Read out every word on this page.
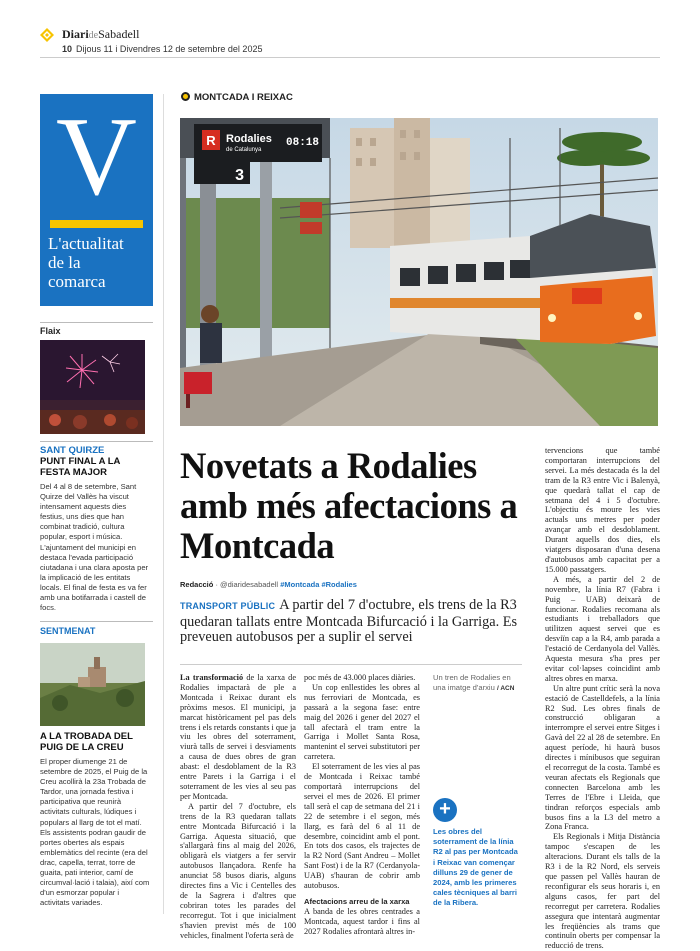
DiarideSabadell
10 Dijous 11 i Divendres 12 de setembre del 2025
V
L'actualitat
de la
comarca
Flaix
SANT QUIRZE
PUNT FINAL A LA FESTA MAJOR
Del 4 al 8 de setembre, Sant Quirze del Vallès ha viscut intensament aquests dies festius, uns dies que han combinat tradició, cultura popular, esport i música. L'ajuntament del municipi en destaca l'evada participació ciutadana i una clara aposta per la implicació de les entitats locals. El final de festa es va fer amb una botifarrada i castell de focs.
SENTMENAT
A LA TROBADA DEL PUIG DE LA CREU
El proper diumenge 21 de setembre de 2025, el Puig de la Creu acollirà la 23a Trobada de Tardor, una jornada festiva i participativa que reunirà activitats culturals, lúdiques i populars al llarg de tot el matí. Els assistents podran gaudir de portes obertes als espais emblemàtics del recinte (era del drac, capella, terrat, torre de guaita, pati interior, camí de circumval·lació i talaia), així com d'un esmorzar popular i activitats variades.
MONTCADA I REIXAC
R Rodalies
de Catalunya
08:18
3
Novetats a Rodalies amb més afectacions a Montcada
Redacció · @diaridesabadell #Montcada #Rodalies
TRANSPORT PÚBLIC A partir del 7 d'octubre, els trens de la R3 quedaran tallats entre Montcada Bifurcació i la Garriga. Es preveuen autobusos per a suplir el servei

La transformació de la xarxa de Rodalies impactarà de ple a Montcada i Reixac durant els pròxims mesos. El municipi, ja marcat històricament pel pas dels trens i els retards constants i que ja viu les obres del soterrament, viurà talls de servei i desviaments a causa de dues obres de gran abast: el desdoblament de la R3 entre Parets i la Garriga i el soterrament de les vies al seu pas per Montcada.

A partir del 7 d'octubre, els trens de la R3 quedaran tallats entre Montcada Bifurcació i la Garriga. Aquesta situació, que s'allargarà fins al maig del 2026, obligarà els viatgers a fer servir autobusos llançadora. Renfe ha anunciat 58 busos diaris, alguns directes fins a Vic i Centelles des de la Sagrera i d'altres que cobriran totes les parades del recorregut. Tot i que inicialment s'havien previst més de 100 vehicles, finalment l'oferta serà de

poc més de 43.000 places diàries.

Un cop enllestides les obres al nus ferroviari de Montcada, es passarà a la segona fase: entre maig del 2026 i gener del 2027 el tall afectarà el tram entre la Garriga i Mollet Santa Rosa, mantenint el servei substitutori per carretera.

El soterrament de les vies al pas de Montcada i Reixac també comportarà interrupcions del servei el mes de 2026. El primer tall serà el cap de setmana del 21 i 22 de setembre i el segon, més llarg, es farà del 6 al 11 de desembre, coincidint amb el pont. En tots dos casos, els trajectes de la R2 Nord (Sant Andreu – Mollet Sant Fost) i de la R7 (Cerdanyola-UAB) s'hauran de cobrir amb autobusos.

Afectacions arreu de la xarxa

A banda de les obres centrades a Montcada, aquest tardor i fins al 2027 Rodalies afrontarà altres in-

Un tren de Rodalies en una imatge d'arxiu / ACN
+
Les obres del soterrament de la línia R2 al pas per Montcada i Reixac van començar dilluns 29 de gener de 2024, amb les primeres cales tècniques al barri de la Ribera.

tervencions que també comportaran interrupcions del servei. La més destacada és la del tram de la R3 entre Vic i Balenyà, que quedarà tallat el cap de setmana del 4 i 5 d'octubre. L'objectiu és moure les vies actuals uns metres per poder avançar amb el desdoblament. Durant aquells dos dies, els viatgers disposaran d'una desena d'autobusos amb capacitat per a 15.000 passatgers.

A més, a partir del 2 de novembre, la línia R7 (Fabra i Puig – UAB) deixarà de funcionar. Rodalies recomana als estudiants i treballadors que utilitzen aquest servei que es desviïn cap a la R4, amb parada a l'estació de Cerdanyola del Vallès. Aquesta mesura s'ha pres per evitar col·lapses coincidint amb altres obres en marxa.

Un altre punt crític serà la nova estació de Castelldefels, a la línia R2 Sud. Les obres finals de construcció obligaran a interrompre el servei entre Sitges i Gavà del 22 al 28 de setembre. En aquest període, hi haurà busos directes i mínibusos que seguiran el recorregut de la costa. També es veuran afectats els Regionals que connecten Barcelona amb les Terres de l'Ebre i Lleida, que tindran reforços especials amb busos fins a la L3 del metro a Zona Franca.

Els Regionals i Mitja Distància tampoc s'escapen de les alteracions. Durant els talls de la R3 i de la R2 Nord, els serveis que passen pel Vallès hauran de reconfigurar els seus horaris i, en alguns casos, fer part del recorregut per carretera. Rodalies assegura que intentarà augmentar les freqüències als trams que continuïn oberts per compensar la reducció de trens.
